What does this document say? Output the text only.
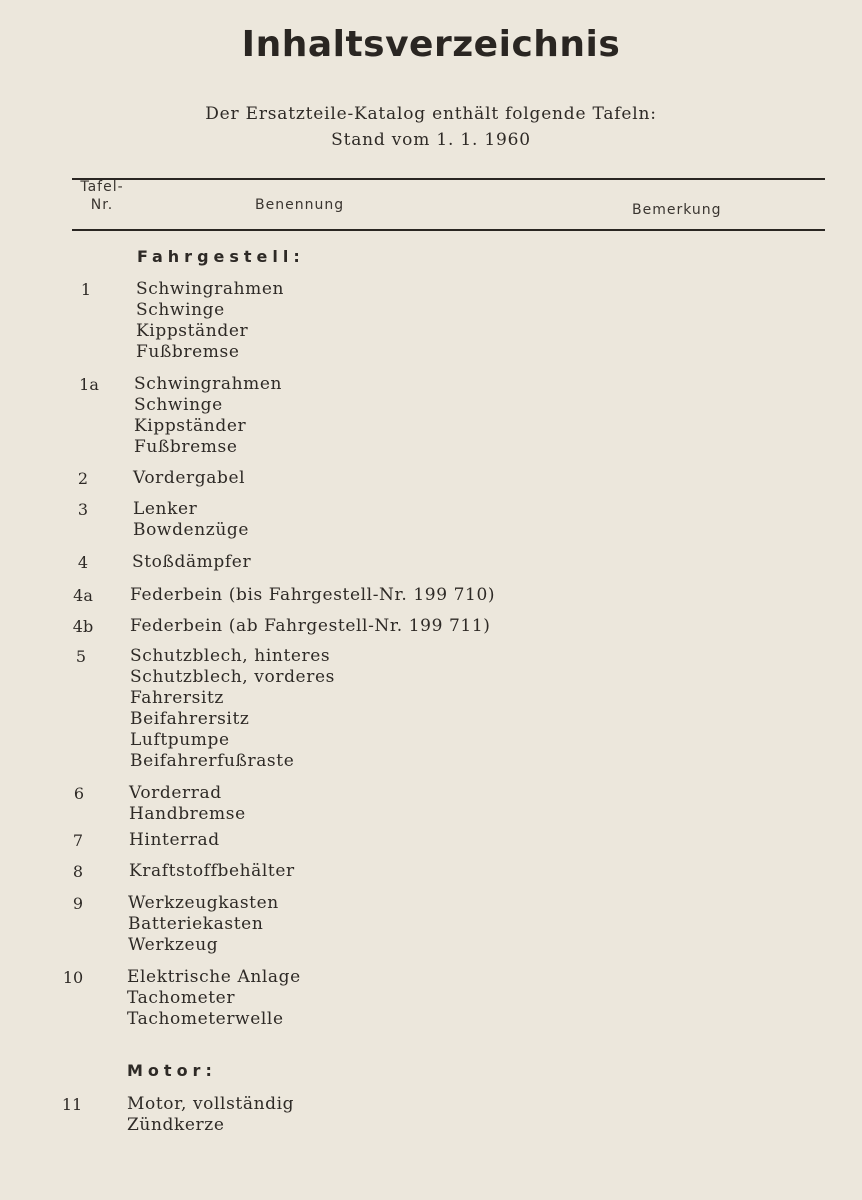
Inhaltsverzeichnis
Der Ersatzteile-Katalog enthält folgende Tafeln:
Stand vom 1. 1. 1960
Tafel-
Nr.	Benennung	Bemerkung
Fahrgestell:
Motor:
1	Schwingrahmen
Schwinge
Kippständer
Fußbremse
1a	Schwingrahmen
Schwinge
Kippständer
Fußbremse
2	Vordergabel
3	Lenker
Bowdenzüge
4	Stoßdämpfer
4a	Federbein (bis Fahrgestell-Nr. 199 710)
4b	Federbein (ab Fahrgestell-Nr. 199 711)
5	Schutzblech, hinteres
Schutzblech, vorderes
Fahrersitz
Beifahrersitz
Luftpumpe
Beifahrerfußraste
6	Vorderrad
Handbremse
7	Hinterrad
8	Kraftstoffbehälter
9	Werkzeugkasten
Batteriekasten
Werkzeug
10	Elektrische Anlage
Tachometer
Tachometerwelle
11	Motor, vollständig
Zündkerze
